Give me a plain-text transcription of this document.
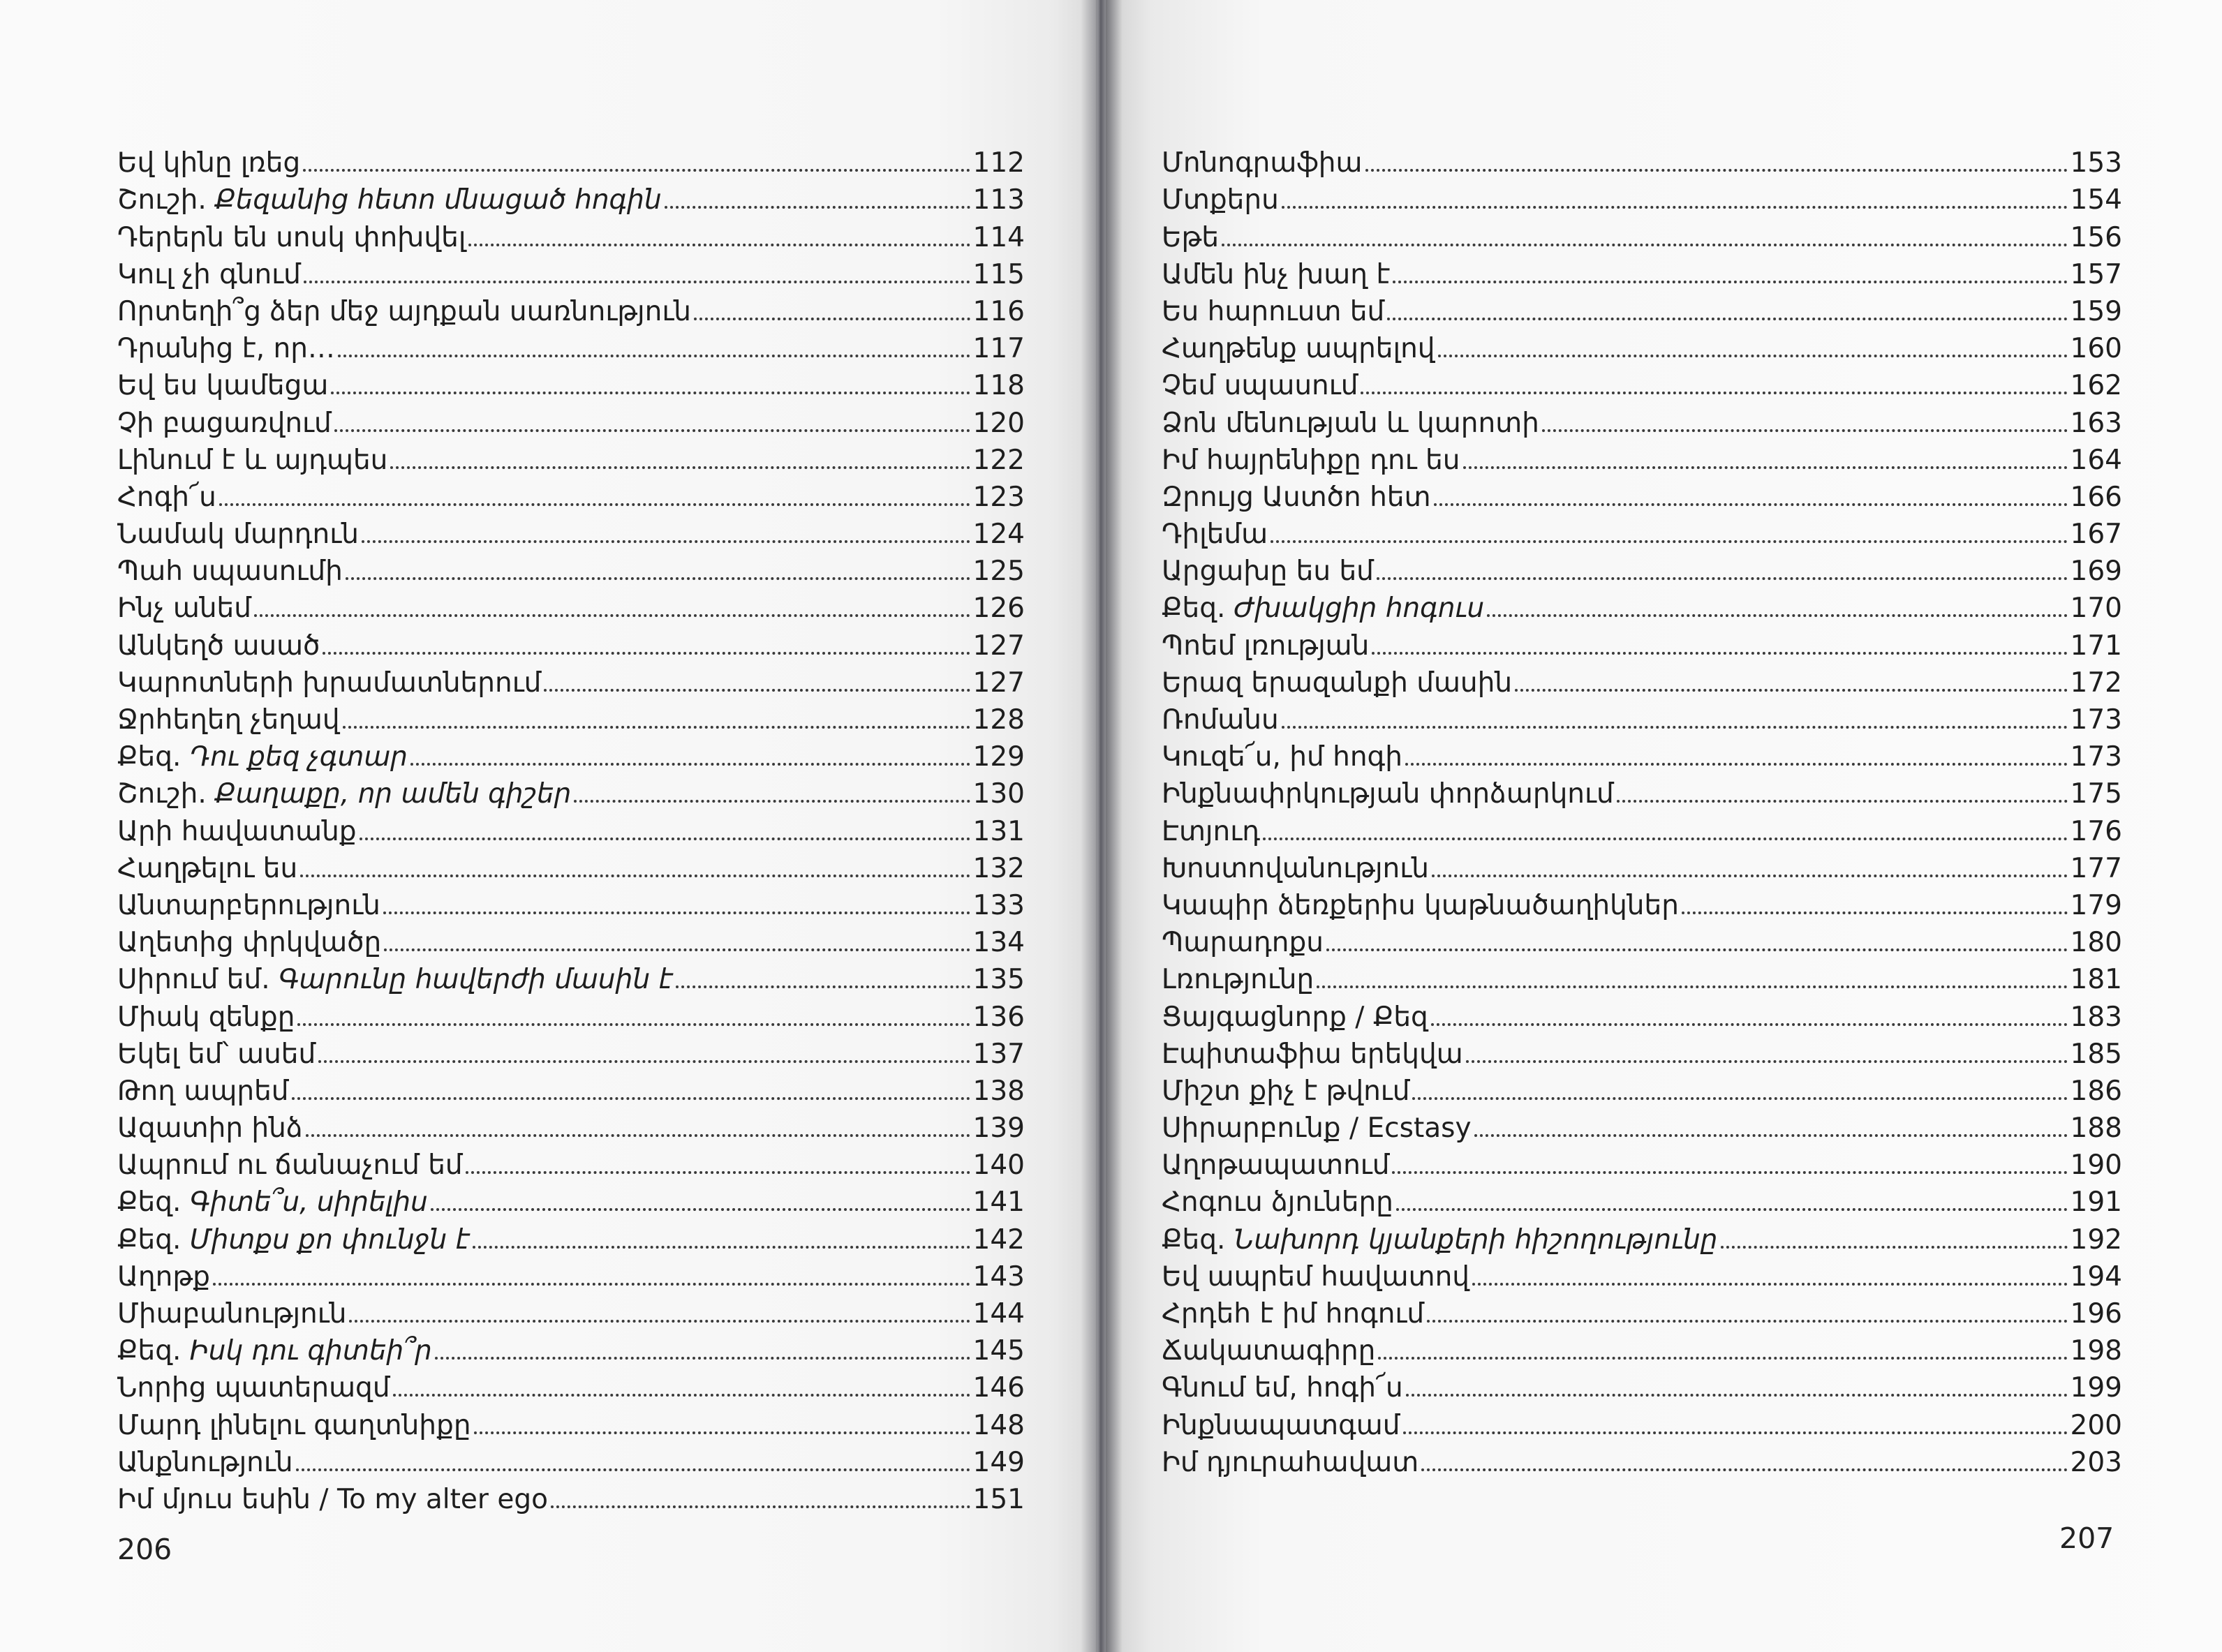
Եվ կինը լռեց	112
Շուշի. Քեզանից հետո մնացած հոգին	113
Դերերն են սոսկ փոխվել	114
Կուլ չի գնում	115
Որտեղի՞ց ձեր մեջ այդքան սառնություն	116
Դրանից է, որ…	117
Եվ ես կամեցա	118
Չի բացառվում	120
Լինում է և այդպես	122
Հոգի՜ս	123
Նամակ մարդուն	124
Պահ սպասումի	125
Ինչ անեմ	126
Անկեղծ ասած	127
Կարոտների խրամատներում	127
Ջրհեղեղ չեղավ	128
Քեզ. Դու քեզ չգտար	129
Շուշի. Քաղաքը, որ ամեն գիշեր	130
Արի հավատանք	131
Հաղթելու ես	132
Անտարբերություն	133
Աղետից փրկվածը	134
Սիրում եմ. Գարունը հավերժի մասին է	135
Միակ զենքը	136
Եկել եմ՝ ասեմ	137
Թող ապրեմ	138
Ազատիր ինձ	139
Ապրում ու ճանաչում եմ	140
Քեզ. Գիտե՞ս, սիրելիս	141
Քեզ. Միտքս քո փունջն է	142
Աղոթք	143
Միաբանություն	144
Քեզ. Իսկ դու գիտեի՞ր	145
Նորից պատերազմ	146
Մարդ լինելու գաղտնիքը	148
Անքնություն	149
Իմ մյուս եսին / To my alter ego	151
206
Մոնոգրաֆիա	153
Մտքերս	154
Եթե	156
Ամեն ինչ խաղ է	157
Ես հարուստ եմ	159
Հաղթենք ապրելով	160
Չեմ սպասում	162
Ձոն մենության և կարոտի	163
Իմ հայրենիքը դու ես	164
Զրույց Աստծո հետ	166
Դիլեմա	167
Արցախը ես եմ	169
Քեզ. Ժխակցիր հոգուս	170
Պոեմ լռության	171
Երազ երազանքի մասին	172
Ռոմանս	173
Կուզե՜ս, իմ հոգի	173
Ինքնափրկության փորձարկում	175
Էտյուդ	176
Խոստովանություն	177
Կապիր ձեռքերիս կաթնածաղիկներ	179
Պարադոքս	180
Լռությունը	181
Ցայգացնորք / Քեզ	183
Էպիտաֆիա երեկվա	185
Միշտ քիչ է թվում	186
Սիրարբունք / Ecstasy	188
Աղոթապատում	190
Հոգուս ձյուները	191
Քեզ. Նախորդ կյանքերի հիշողությունը	192
Եվ ապրեմ հավատով	194
Հրդեհ է իմ հոգում	196
Ճակատագիրը	198
Գնում եմ, հոգի՜ս	199
Ինքնապատգամ	200
Իմ դյուրահավատ	203
207
